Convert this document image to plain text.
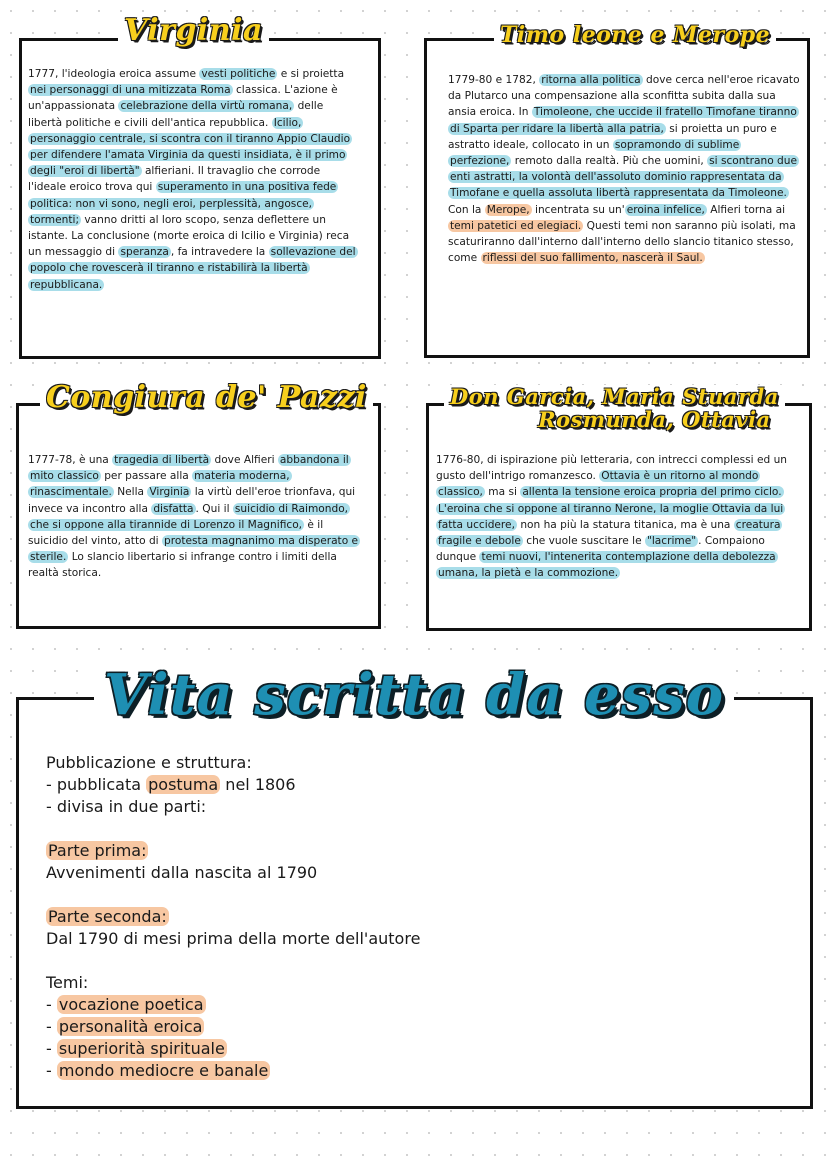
Virginia

1777, l'ideologia eroica assume vesti politiche e si proietta nei personaggi di una mitizzata Roma classica. L'azione è un'appassionata celebrazione della virtù romana, delle libertà politiche e civili dell'antica repubblica. Icilio, personaggio centrale, si scontra con il tiranno Appio Claudio per difendere l'amata Virginia da questi insidiata, è il primo degli "eroi di libertà" alfieriani. Il travaglio che corrode l'ideale eroico trova qui superamento in una positiva fede politica: non vi sono, negli eroi, perplessità, angosce, tormenti; vanno dritti al loro scopo, senza deflettere un istante. La conclusione (morte eroica di Icilio e Virginia) reca un messaggio di speranza , fa intravedere la sollevazione del popolo che rovescerà il tiranno e ristabilirà la libertà repubblicana.

Timo leone e Merope

1779-80 e 1782, ritorna alla politica dove cerca nell'eroe ricavato da Plutarco una compensazione alla sconfitta subita dalla sua ansia eroica. In Timoleone, che uccide il fratello Timofane tiranno di Sparta per ridare la libertà alla patria, si proietta un puro e astratto ideale, collocato in un sopramondo di sublime perfezione, remoto dalla realtà. Più che uomini, si scontrano due enti astratti, la volontà dell'assoluto dominio rappresentata da Timofane e quella assoluta libertà rappresentata da Timoleone. Con la Merope, incentrata su un' eroina infelice, Alfieri torna ai temi patetici ed elegiaci. Questi temi non saranno più isolati, ma scaturiranno dall'interno dall'interno dello slancio titanico stesso, come riflessi del suo fallimento, nascerà il Saul.

Congiura de' Pazzi

1777-78, è una tragedia di libertà dove Alfieri abbandona il mito classico per passare alla materia moderna, rinascimentale. Nella Virginia la virtù dell'eroe trionfava, qui invece va incontro alla disfatta . Qui il suicidio di Raimondo, che si oppone alla tirannide di Lorenzo il Magnifico, è il suicidio del vinto, atto di protesta magnanimo ma disperato e sterile. Lo slancio libertario si infrange contro i limiti della realtà storica.

Don Garcia, Maria Stuarda
Rosmunda, Ottavia

1776-80, di ispirazione più letteraria, con intrecci complessi ed un gusto dell'intrigo romanzesco. Ottavia è un ritorno al mondo classico, ma si allenta la tensione eroica propria del primo ciclo. L'eroina che si oppone al tiranno Nerone, la moglie Ottavia da lui fatta uccidere, non ha più la statura titanica, ma è una creatura fragile e debole che vuole suscitare le "lacrime" . Compaiono dunque temi nuovi, l'intenerita contemplazione della debolezza umana, la pietà e la commozione.

Vita scritta da esso
Pubblicazione e struttura:
- pubblicata postuma nel 1806
- divisa in due parti:
Parte prima:
Avvenimenti dalla nascita al 1790
Parte seconda:
Dal 1790 di mesi prima della morte dell'autore
Temi:
- vocazione poetica
- personalità eroica
- superiorità spirituale
- mondo mediocre e banale
